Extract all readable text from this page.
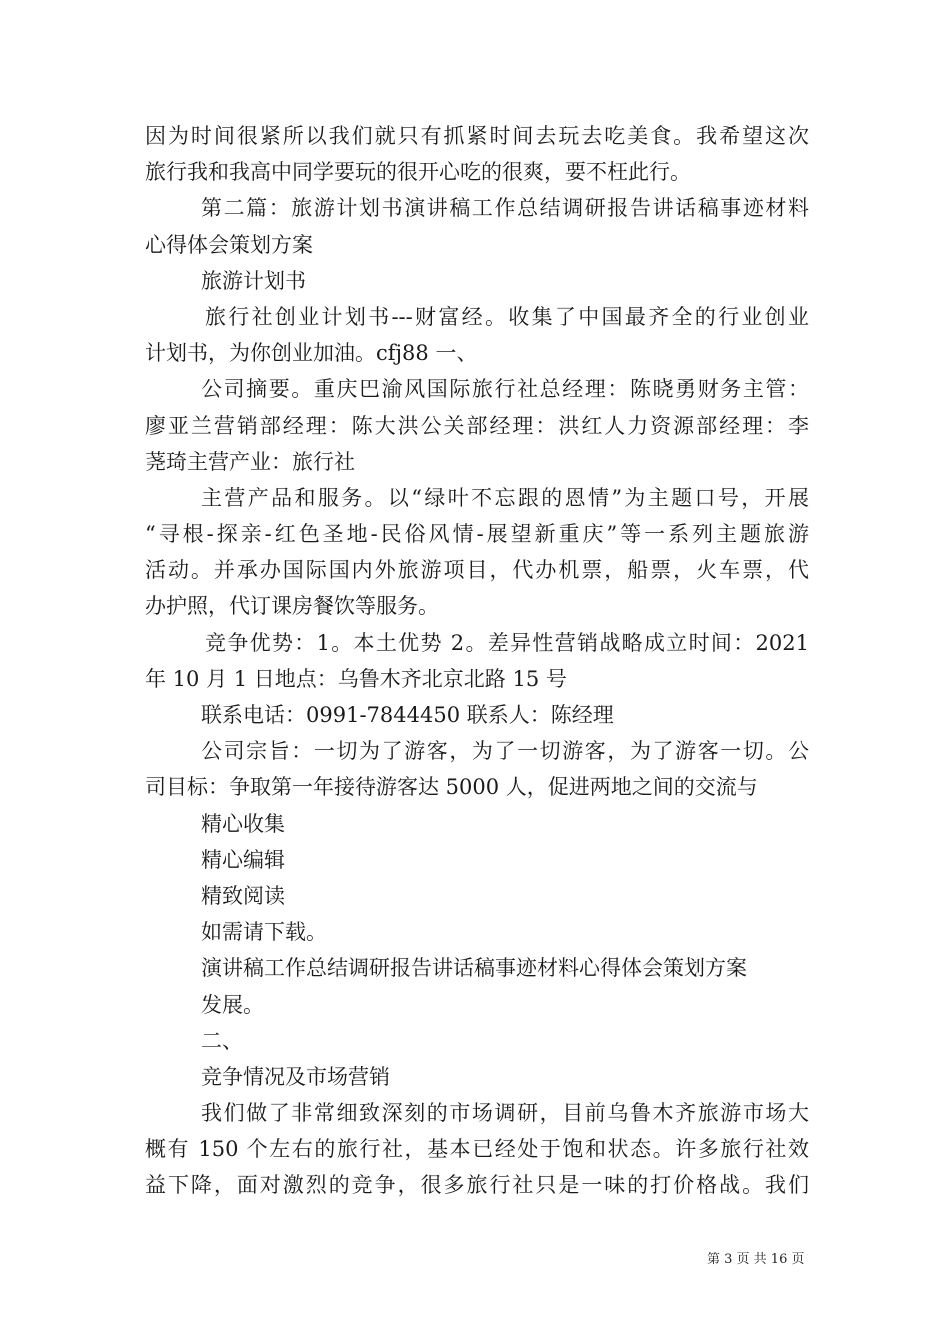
因为时间很紧所以我们就只有抓紧时间去玩去吃美食。我希望这次
旅行我和我高中同学要玩的很开心吃的很爽，要不枉此行。
第二篇：旅游计划书演讲稿工作总结调研报告讲话稿事迹材料
心得体会策划方案
旅游计划书
旅行社创业计划书---财富经。收集了中国最齐全的行业创业
计划书，为你创业加油。cfj88 一、
公司摘要。重庆巴渝风国际旅行社总经理：陈晓勇财务主管：
廖亚兰营销部经理：陈大洪公关部经理：洪红人力资源部经理：李
荛琦主营产业：旅行社
主营产品和服务。以“绿叶不忘跟的恩情”为主题口号，开展
“寻根-探亲-红色圣地-民俗风情-展望新重庆”等一系列主题旅游
活动。并承办国际国内外旅游项目，代办机票，船票，火车票，代
办护照，代订课房餐饮等服务。
竞争优势：1。本土优势 2。差异性营销战略成立时间：2021
年 10 月 1 日地点：乌鲁木齐北京北路 15 号
联系电话：0991-7844450 联系人：陈经理
公司宗旨：一切为了游客，为了一切游客，为了游客一切。公
司目标：争取第一年接待游客达 5000 人，促进两地之间的交流与
精心收集
精心编辑
精致阅读
如需请下载。
演讲稿工作总结调研报告讲话稿事迹材料心得体会策划方案
发展。
二、
竞争情况及市场营销
我们做了非常细致深刻的市场调研，目前乌鲁木齐旅游市场大
概有 150 个左右的旅行社，基本已经处于饱和状态。许多旅行社效
益下降，面对激烈的竞争，很多旅行社只是一味的打价格战。我们
第 3 页 共 16 页
